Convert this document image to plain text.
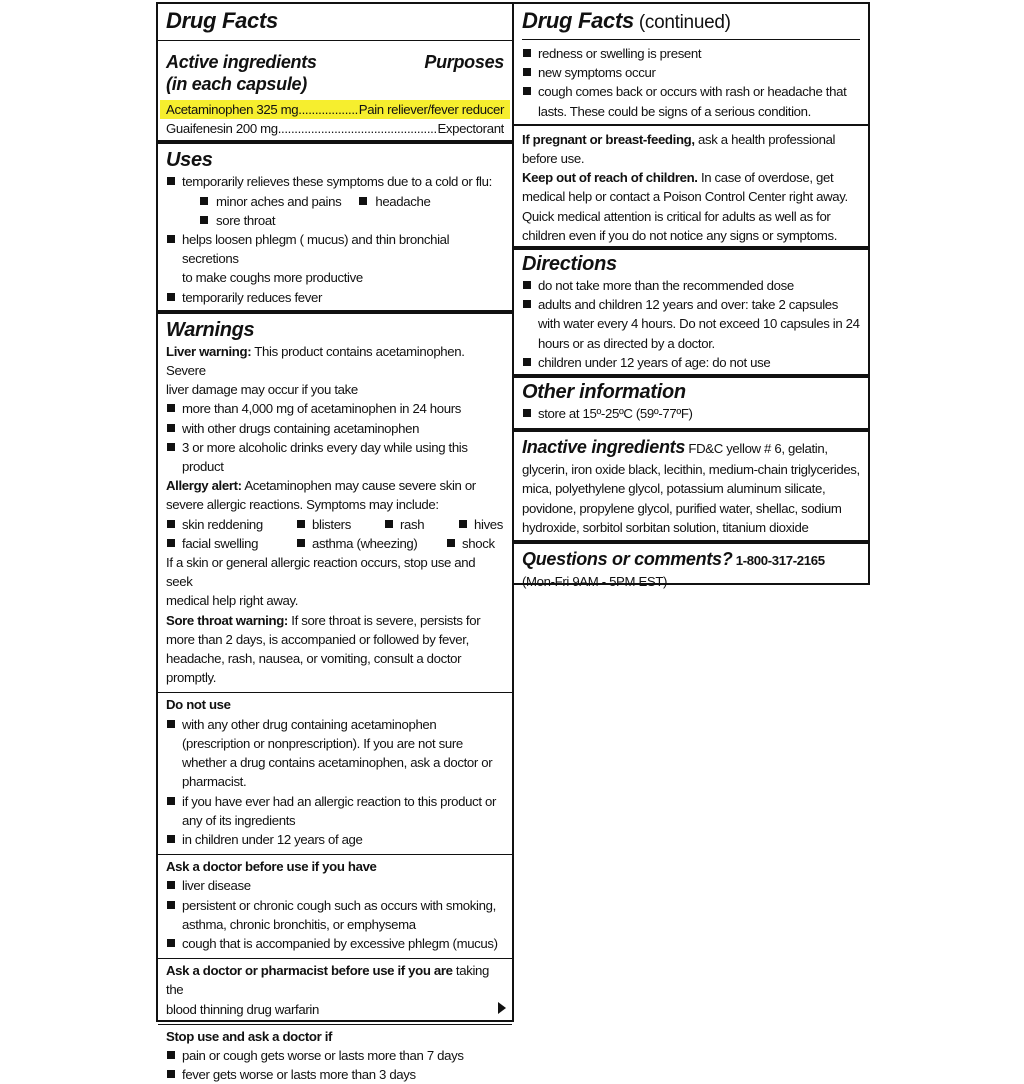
Drug Facts
Active ingredients	Purposes
(in each capsule)
Acetaminophen 325 mg .....	Pain reliever/fever reducer
Guaifenesin 200 mg .....	Expectorant
Uses
temporarily relieves these symptoms due to a cold or flu:
minor aches and pains	headache
sore throat
helps loosen phlegm ( mucus) and thin bronchial secretions
to make coughs more productive
temporarily reduces fever
Warnings
Liver warning: This product contains acetaminophen. Severe
liver damage may occur if you take
more than 4,000 mg of acetaminophen in 24 hours
with other drugs containing acetaminophen
3 or more alcoholic drinks every day while using this
product
Allergy alert: Acetaminophen may cause severe skin or
severe allergic reactions. Symptoms may include:
skin reddening	blisters	rash	hives
facial swelling	asthma (wheezing)	shock
If a skin or general allergic reaction occurs, stop use and seek
medical help right away.
Sore throat warning: If sore throat is severe, persists for
more than 2 days, is accompanied or followed by fever,
headache, rash, nausea, or vomiting, consult a doctor
promptly.
Do not use
with any other drug containing acetaminophen
(prescription or nonprescription). If you are not sure
whether a drug contains acetaminophen, ask a doctor or
pharmacist.
if you have ever had an allergic reaction to this product or
any of its ingredients
in children under 12 years of age
Ask a doctor before use if you have
liver disease
persistent or chronic cough such as occurs with smoking,
asthma, chronic bronchitis, or emphysema
cough that is accompanied by excessive phlegm (mucus)
Ask a doctor or pharmacist before use if you are taking the
blood thinning drug warfarin
Stop use and ask a doctor if
pain or cough gets worse or lasts more than 7 days
fever gets worse or lasts more than 3 days
Drug Facts (continued)
redness or swelling is present
new symptoms occur
cough comes back or occurs with rash or headache that
lasts. These could be signs of a serious condition.
If pregnant or breast-feeding, ask a health professional
before use.
Keep out of reach of children. In case of overdose, get
medical help or contact a Poison Control Center right away.
Quick medical attention is critical for adults as well as for
children even if you do not notice any signs or symptoms.
Directions
do not take more than the recommended dose
adults and children 12 years and over: take 2 capsules
with water every 4 hours. Do not exceed 10 capsules in 24
hours or as directed by a doctor.
children under 12 years of age: do not use
Other information
store at 15º-25ºC (59º-77ºF)
Inactive ingredients FD&C yellow # 6, gelatin,
glycerin, iron oxide black, lecithin, medium-chain triglycerides,
mica, polyethylene glycol, potassium aluminum silicate,
povidone, propylene glycol, purified water, shellac, sodium
hydroxide, sorbitol sorbitan solution, titanium dioxide
Questions or comments? 1-800-317-2165
(Mon-Fri 9AM - 5PM EST)
